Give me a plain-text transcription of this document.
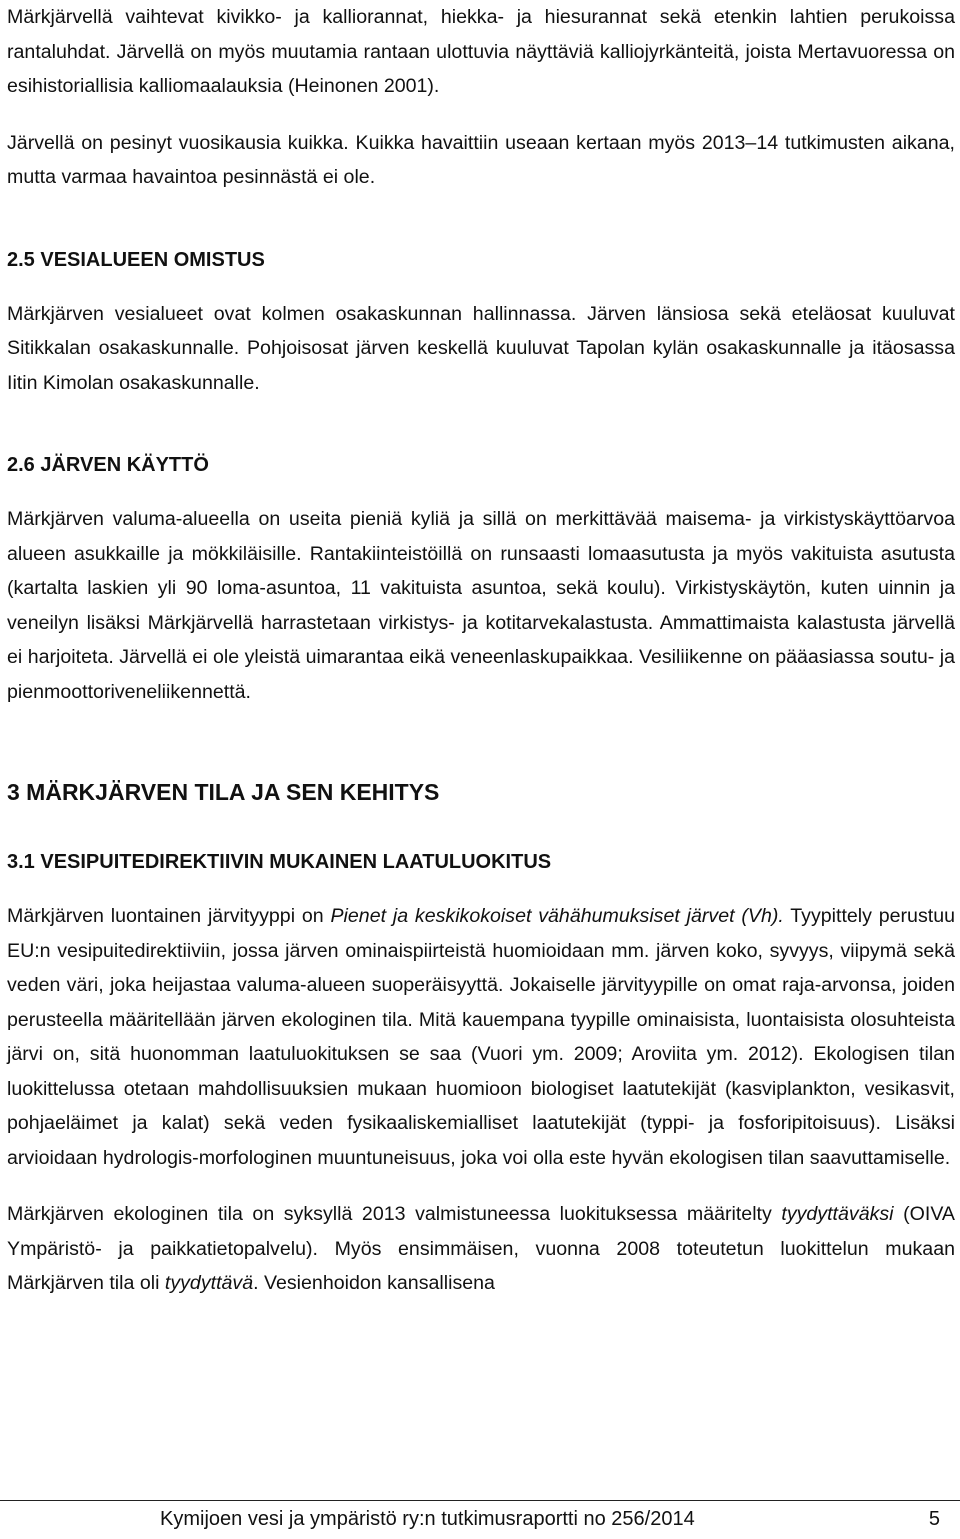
Märkjärvellä vaihtevat kivikko- ja kalliorannat, hiekka- ja hiesurannat sekä etenkin lahtien perukoissa rantaluhdat. Järvellä on myös muutamia rantaan ulottuvia näyttäviä kalliojyrkänteitä, joista Mertavuoressa on esihistoriallisia kalliomaalauksia (Heinonen 2001).

Järvellä on pesinyt vuosikausia kuikka. Kuikka havaittiin useaan kertaan myös 2013–14 tutkimusten aikana, mutta varmaa havaintoa pesinnästä ei ole.

2.5 VESIALUEEN OMISTUS

Märkjärven vesialueet ovat kolmen osakaskunnan hallinnassa. Järven länsiosa sekä eteläosat kuuluvat Sitikkalan osakaskunnalle. Pohjoisosat järven keskellä kuuluvat Tapolan kylän osakaskunnalle ja itäosassa Iitin Kimolan osakaskunnalle.

2.6 JÄRVEN KÄYTTÖ

Märkjärven valuma-alueella on useita pieniä kyliä ja sillä on merkittävää maisema- ja virkistyskäyttöarvoa alueen asukkaille ja mökkiläisille. Rantakiinteistöillä on runsaasti lomaasutusta ja myös vakituista asutusta (kartalta laskien yli 90 loma-asuntoa, 11 vakituista asuntoa, sekä koulu). Virkistyskäytön, kuten uinnin ja veneilyn lisäksi Märkjärvellä harrastetaan virkistys- ja kotitarvekalastusta. Ammattimaista kalastusta järvellä ei harjoiteta. Järvellä ei ole yleistä uimarantaa eikä veneenlaskupaikkaa. Vesiliikenne on pääasiassa soutu- ja pienmoottoriveneliikennettä.

3 MÄRKJÄRVEN TILA JA SEN KEHITYS
3.1 VESIPUITEDIREKTIIVIN MUKAINEN LAATULUOKITUS

Märkjärven luontainen järvityyppi on Pienet ja keskikokoiset vähähumuksiset järvet (Vh). Tyypittely perustuu EU:n vesipuitedirektiiviin, jossa järven ominaispiirteistä huomioidaan mm. järven koko, syvyys, viipymä sekä veden väri, joka heijastaa valuma-alueen suoperäisyyttä. Jokaiselle järvityypille on omat raja-arvonsa, joiden perusteella määritellään järven ekologinen tila. Mitä kauempana tyypille ominaisista, luontaisista olosuhteista järvi on, sitä huonomman laatuluokituksen se saa (Vuori ym. 2009; Aroviita ym. 2012). Ekologisen tilan luokittelussa otetaan mahdollisuuksien mukaan huomioon biologiset laatutekijät (kasviplankton, vesikasvit, pohjaeläimet ja kalat) sekä veden fysikaaliskemialliset laatutekijät (typpi- ja fosforipitoisuus). Lisäksi arvioidaan hydrologis-morfologinen muuntuneisuus, joka voi olla este hyvän ekologisen tilan saavuttamiselle.

Märkjärven ekologinen tila on syksyllä 2013 valmistuneessa luokituksessa määritelty tyydyttäväksi (OIVA Ympäristö- ja paikkatietopalvelu). Myös ensimmäisen, vuonna 2008 toteutetun luokittelun mukaan Märkjärven tila oli tyydyttävä. Vesienhoidon kansallisena

Kymijoen vesi ja ympäristö ry:n tutkimusraportti no 256/2014	5
